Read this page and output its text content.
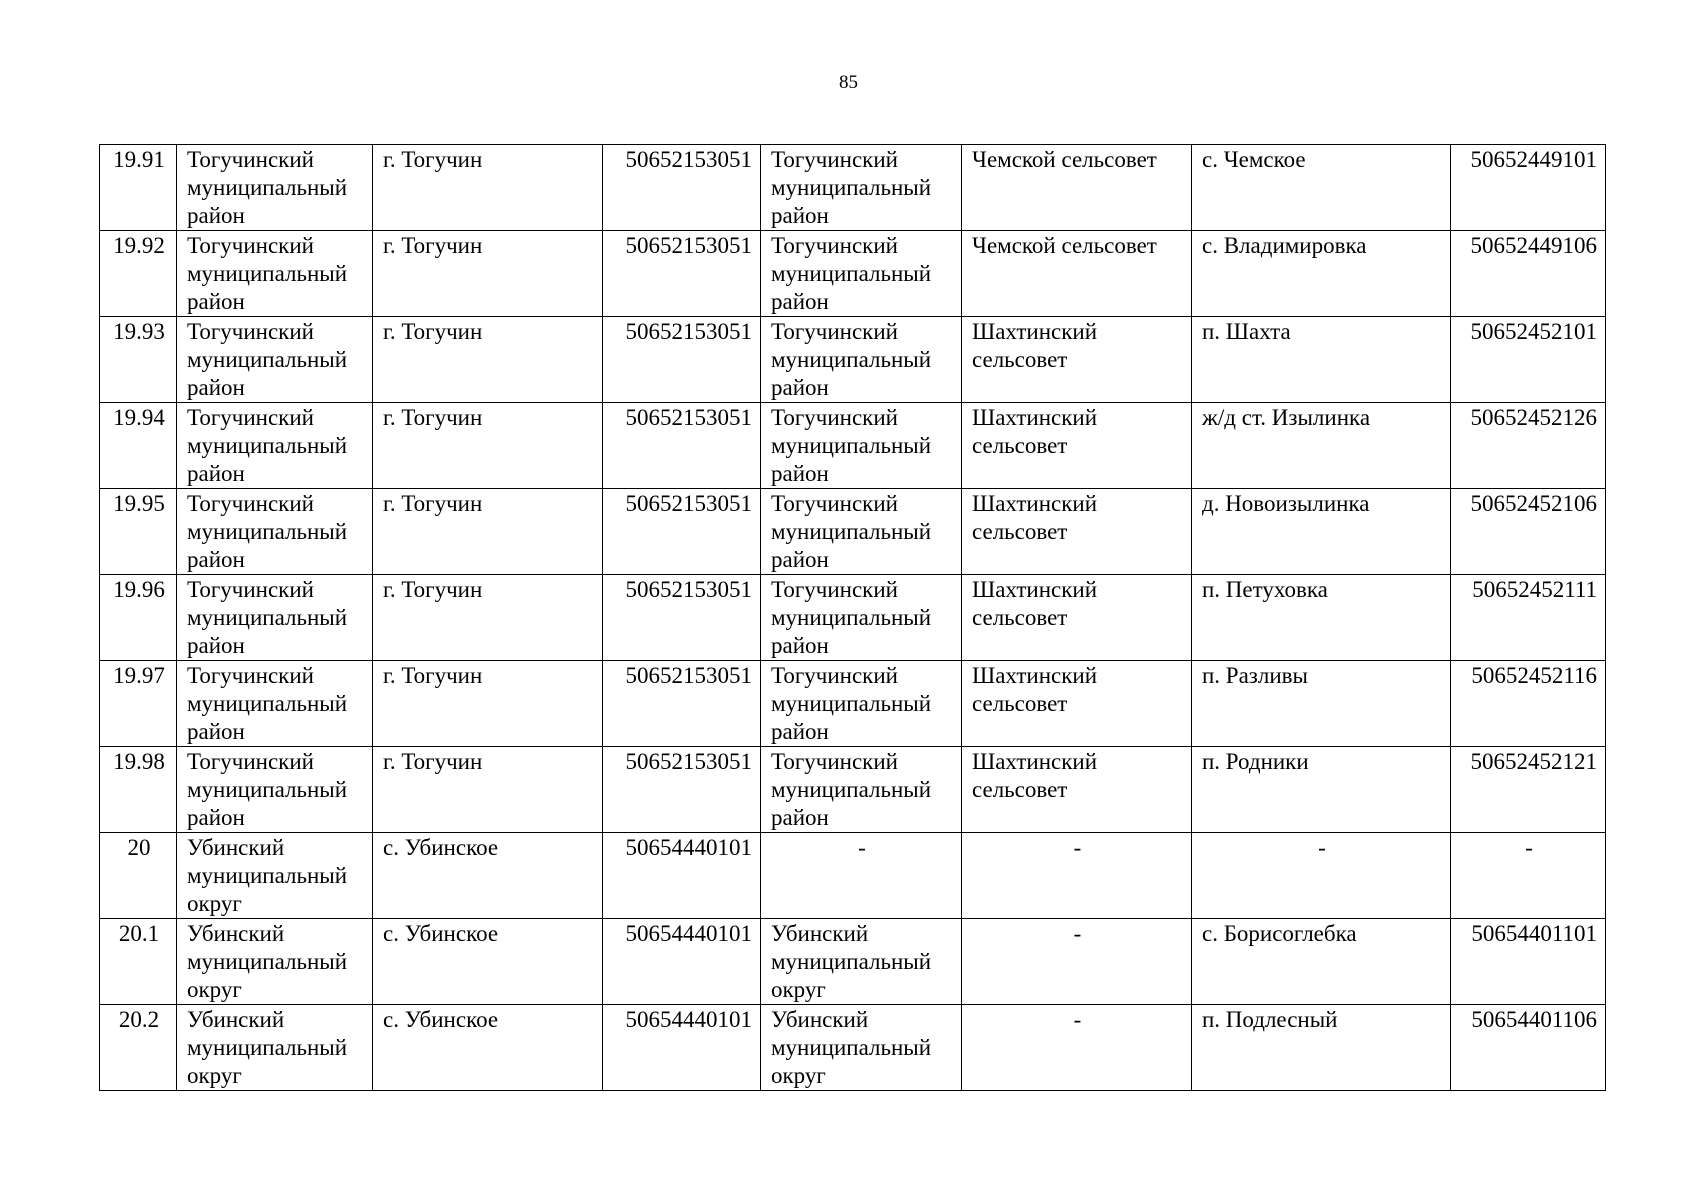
85
19.91	Тогучинский муниципальный район	г. Тогучин	50652153051	Тогучинский муниципальный район	Чемской сельсовет	с. Чемское	50652449101
19.92	Тогучинский муниципальный район	г. Тогучин	50652153051	Тогучинский муниципальный район	Чемской сельсовет	с. Владимировка	50652449106
19.93	Тогучинский муниципальный район	г. Тогучин	50652153051	Тогучинский муниципальный район	Шахтинский сельсовет	п. Шахта	50652452101
19.94	Тогучинский муниципальный район	г. Тогучин	50652153051	Тогучинский муниципальный район	Шахтинский сельсовет	ж/д ст. Изылинка	50652452126
19.95	Тогучинский муниципальный район	г. Тогучин	50652153051	Тогучинский муниципальный район	Шахтинский сельсовет	д. Новоизылинка	50652452106
19.96	Тогучинский муниципальный район	г. Тогучин	50652153051	Тогучинский муниципальный район	Шахтинский сельсовет	п. Петуховка	50652452111
19.97	Тогучинский муниципальный район	г. Тогучин	50652153051	Тогучинский муниципальный район	Шахтинский сельсовет	п. Разливы	50652452116
19.98	Тогучинский муниципальный район	г. Тогучин	50652153051	Тогучинский муниципальный район	Шахтинский сельсовет	п. Родники	50652452121
20	Убинский муниципальный округ	с. Убинское	50654440101	-	-	-	-
20.1	Убинский муниципальный округ	с. Убинское	50654440101	Убинский муниципальный округ	-	с. Борисоглебка	50654401101
20.2	Убинский муниципальный округ	с. Убинское	50654440101	Убинский муниципальный округ	-	п. Подлесный	50654401106
